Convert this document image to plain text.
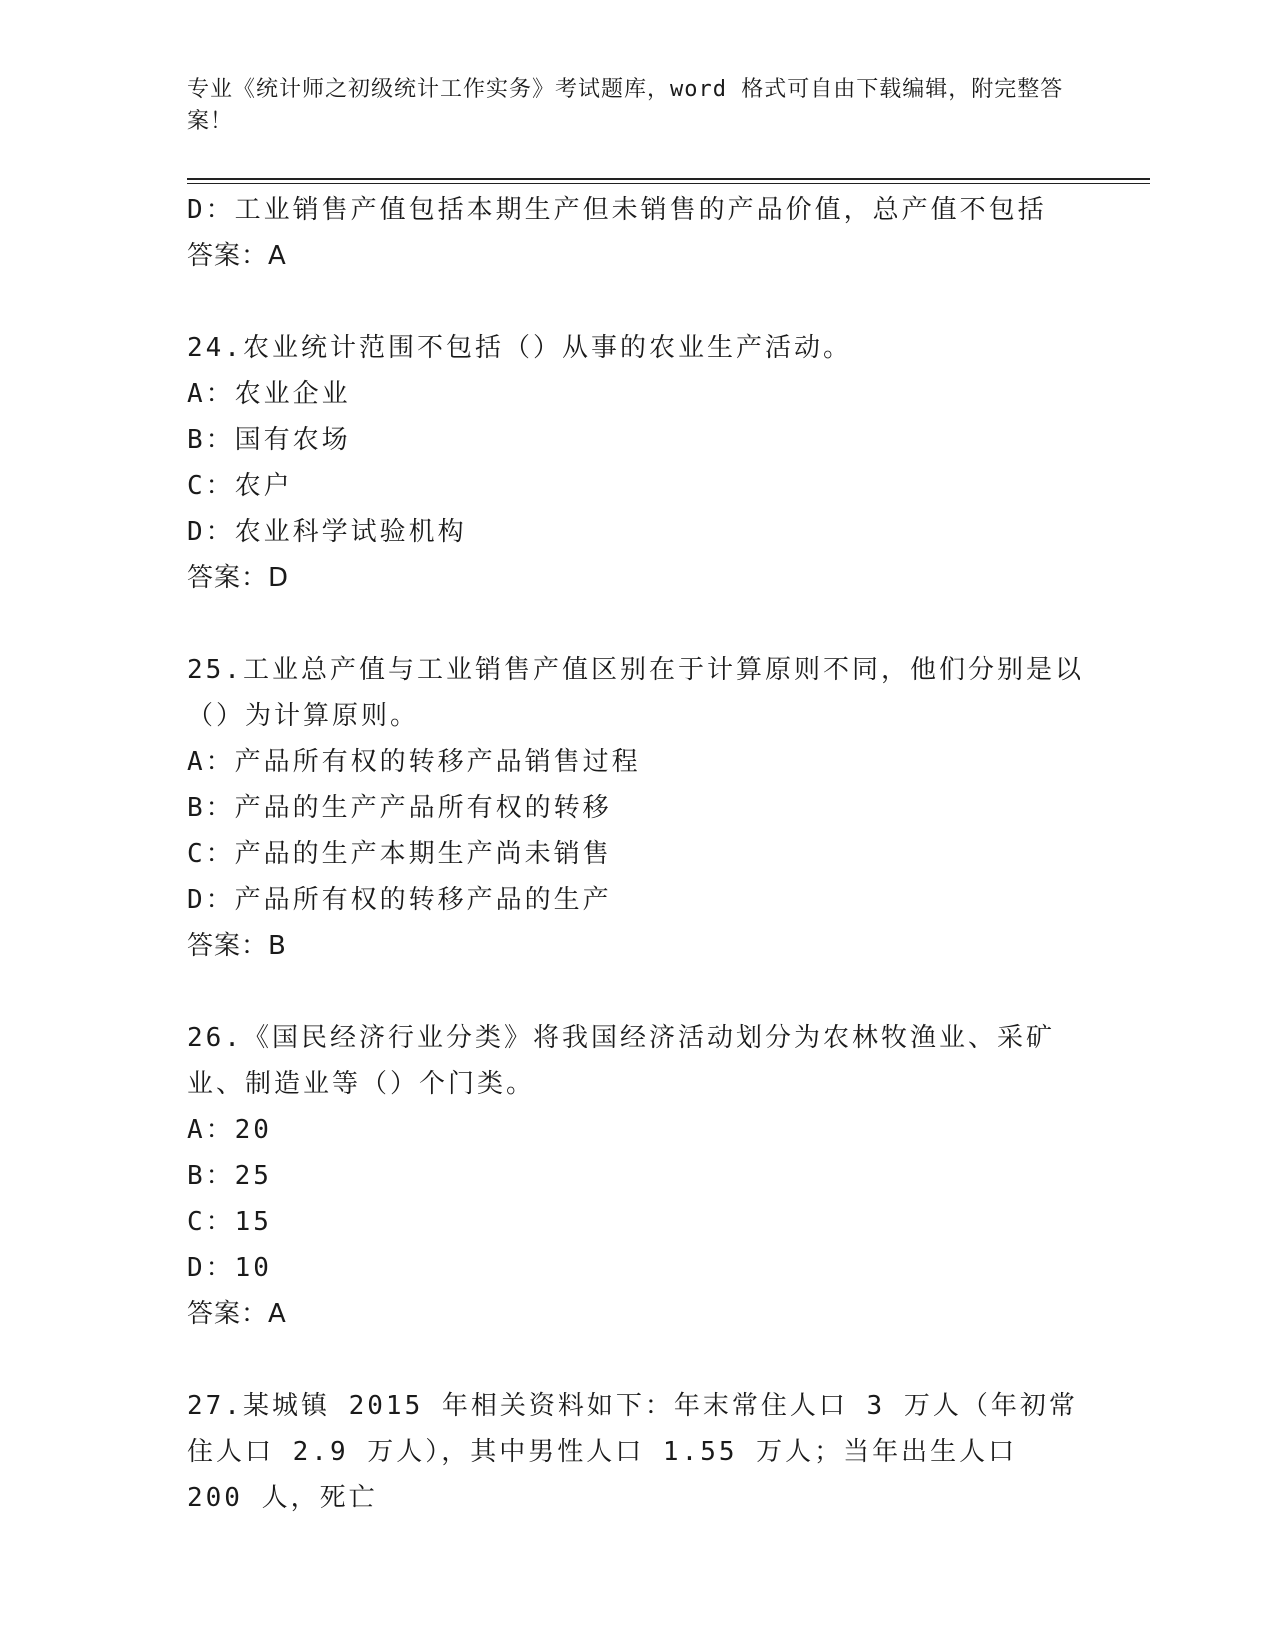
专业《统计师之初级统计工作实务》考试题库，word 格式可自由下载编辑，附完整答案！

D：工业销售产值包括本期生产但未销售的产品价值，总产值不包括

答案：A

24.农业统计范围不包括（）从事的农业生产活动。

A：农业企业

B：国有农场

C：农户

D：农业科学试验机构

答案：D

25.工业总产值与工业销售产值区别在于计算原则不同，他们分别是以（）为计算原则。

A：产品所有权的转移产品销售过程

B：产品的生产产品所有权的转移

C：产品的生产本期生产尚未销售

D：产品所有权的转移产品的生产

答案：B

26.《国民经济行业分类》将我国经济活动划分为农林牧渔业、采矿业、制造业等（）个门类。

A：20

B：25

C：15

D：10

答案：A

27.某城镇 2015 年相关资料如下：年末常住人口 3 万人（年初常住人口 2.9 万人），其中男性人口 1.55 万人；当年出生人口 200 人，死亡
